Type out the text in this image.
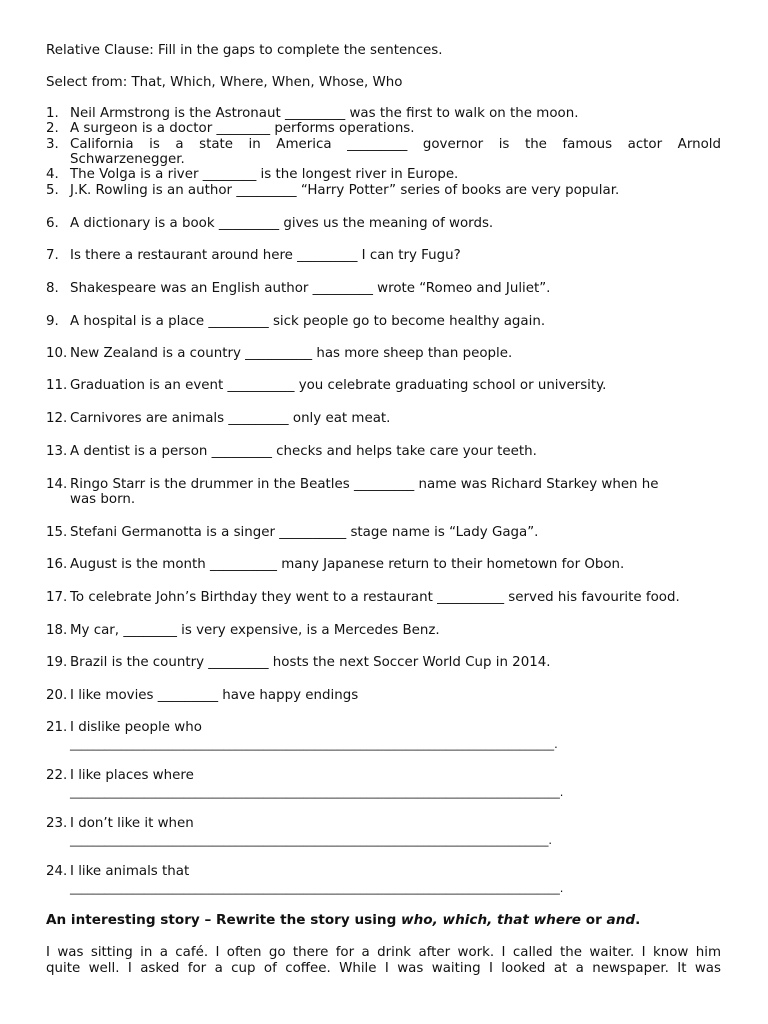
Relative Clause: Fill in the gaps to complete the sentences.
Select from: That, Which, Where, When, Whose, Who
1. Neil Armstrong is the Astronaut _________ was the first to walk on the moon.
2. A surgeon is a doctor ________ performs operations.
3. California is a state in America _________ governor is the famous actor Arnold
Schwarzenegger.
4. The Volga is a river ________ is the longest river in Europe.
5. J.K. Rowling is an author _________ “Harry Potter” series of books are very popular.
6. A dictionary is a book _________ gives us the meaning of words.
7. Is there a restaurant around here _________ I can try Fugu?
8. Shakespeare was an English author _________ wrote “Romeo and Juliet”.
9. A hospital is a place _________ sick people go to become healthy again.
10. New Zealand is a country __________ has more sheep than people.
11. Graduation is an event __________ you celebrate graduating school or university.
12. Carnivores are animals _________ only eat meat.
13. A dentist is a person _________ checks and helps take care your teeth.
14. Ringo Starr is the drummer in the Beatles _________ name was Richard Starkey when he
was born.
15. Stefani Germanotta is a singer __________ stage name is “Lady Gaga”.
16. August is the month __________ many Japanese return to their hometown for Obon.
17. To celebrate John’s Birthday they went to a restaurant __________ served his favourite food.
18. My car, ________ is very expensive, is a Mercedes Benz.
19. Brazil is the country _________ hosts the next Soccer World Cup in 2014.
20. I like movies _________ have happy endings
21. I dislike people who
_____________________________________________________________________________________.
22. I like places where
______________________________________________________________________________________.
23. I don’t like it when
____________________________________________________________________________________.
24. I like animals that
______________________________________________________________________________________.
An interesting story – Rewrite the story using who, which, that where or and.
I was sitting in a café. I often go there for a drink after work. I called the waiter. I know him
quite well. I asked for a cup of coffee. While I was waiting I looked at a newspaper. It was
